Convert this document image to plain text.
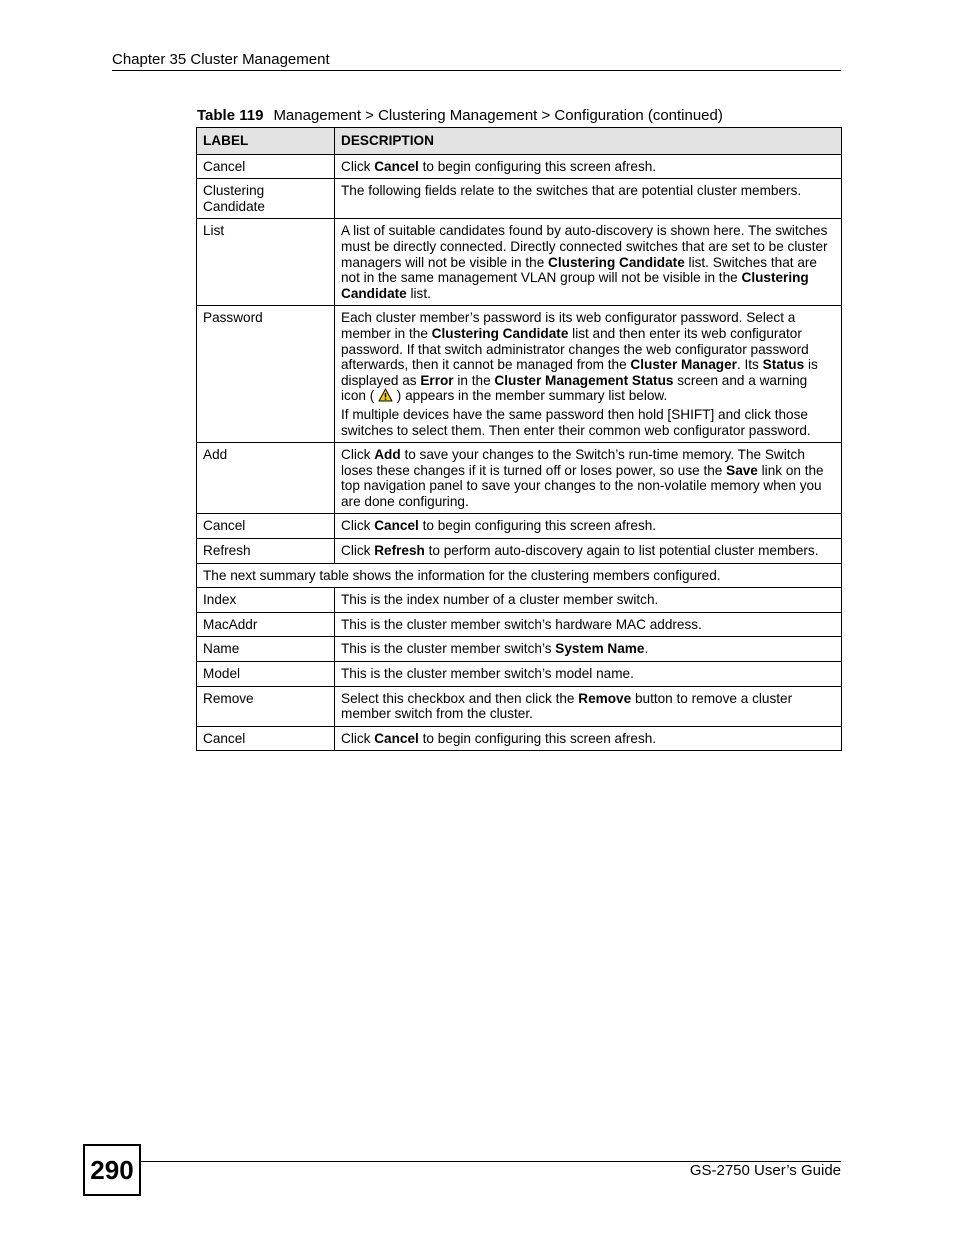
Chapter 35 Cluster Management
Table 119 Management > Clustering Management > Configuration (continued)
LABEL	DESCRIPTION
Cancel	Click Cancel to begin configuring this screen afresh.

Clustering Candidate	The following fields relate to the switches that are potential cluster members.

List	A list of suitable candidates found by auto-discovery is shown here. The switches must be directly connected. Directly connected switches that are set to be cluster managers will not be visible in the Clustering Candidate list. Switches that are not in the same management VLAN group will not be visible in the Clustering Candidate list.

Password	Each cluster member’s password is its web configurator password. Select a member in the Clustering Candidate list and then enter its web configurator password. If that switch administrator changes the web configurator password afterwards, then it cannot be managed from the Cluster Manager. Its Status is displayed as Error in the Cluster Management Status screen and a warning icon (  ) appears in the member summary list below.

If multiple devices have the same password then hold [SHIFT] and click those switches to select them. Then enter their common web configurator password.

Add	Click Add to save your changes to the Switch’s run-time memory. The Switch loses these changes if it is turned off or loses power, so use the Save link on the top navigation panel to save your changes to the non-volatile memory when you are done configuring.

Cancel	Click Cancel to begin configuring this screen afresh.

Refresh	Click Refresh to perform auto-discovery again to list potential cluster members.

The next summary table shows the information for the clustering members configured.	
Index	This is the index number of a cluster member switch.

MacAddr	This is the cluster member switch’s hardware MAC address.

Name	This is the cluster member switch’s System Name.

Model	This is the cluster member switch’s model name.

Remove	Select this checkbox and then click the Remove button to remove a cluster member switch from the cluster.

Cancel	Click Cancel to begin configuring this screen afresh.

290	GS-2750 User’s Guide
